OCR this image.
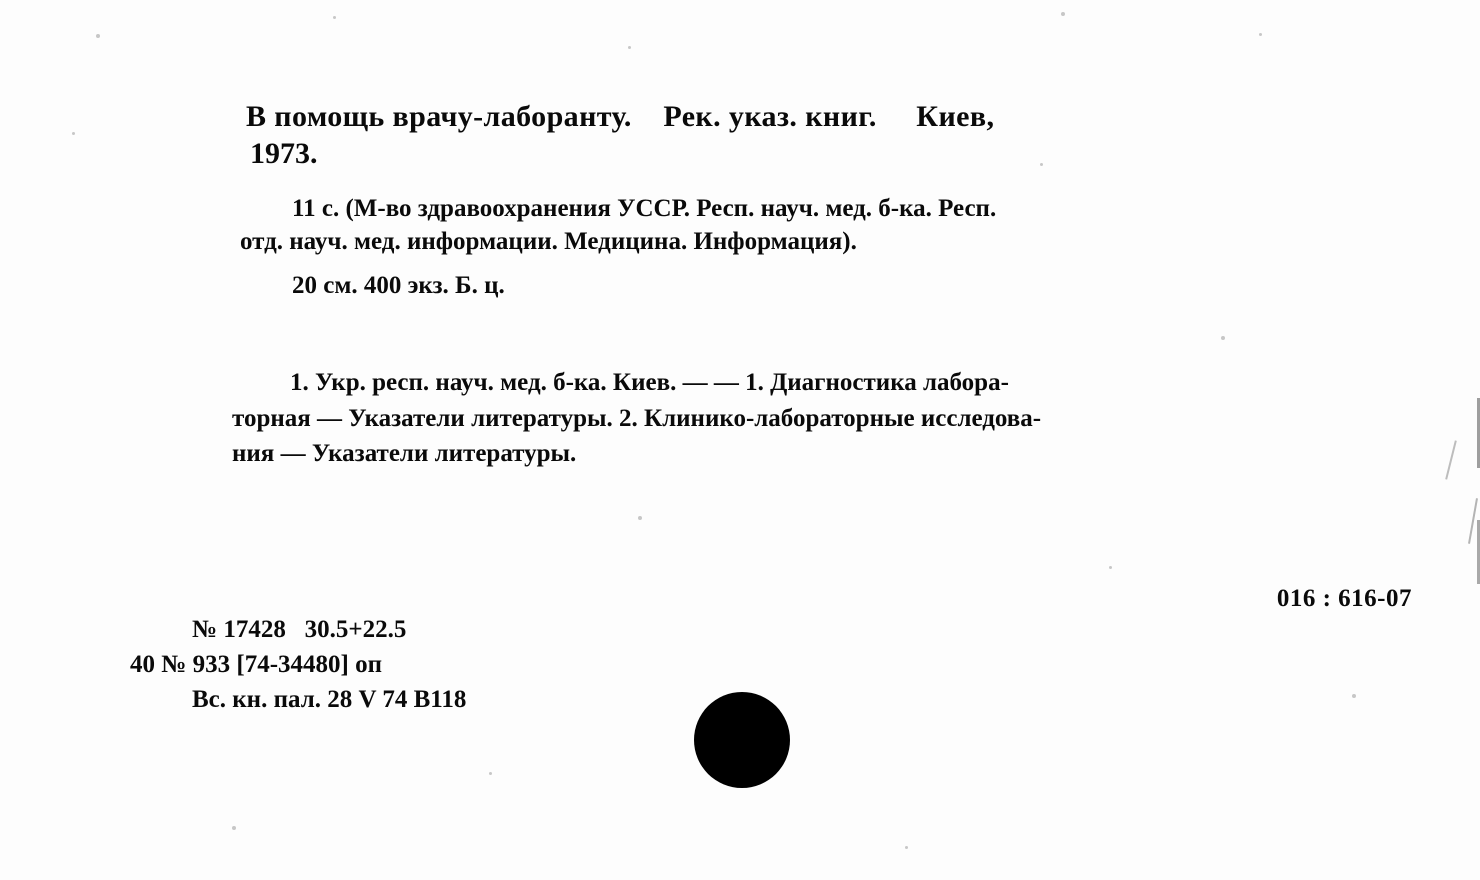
В помощь врачу-лаборанту.    Рек. указ. книг.     Киев,
1973.
11 с. (М-во здравоохранения УССР. Респ. науч. мед. б-ка. Респ.
отд. науч. мед. информации. Медицина. Информация).
20 см. 400 экз. Б. ц.
1. Укр. респ. науч. мед. б-ка. Киев. — — 1. Диагностика лабора-
торная — Указатели литературы. 2. Клинико-лабораторные исследова-
ния — Указатели литературы.
016 : 616-07
№ 17428   30.5+22.5
40 № 933 [74-34480] оп
Вс. кн. пал. 28 V 74 В118
